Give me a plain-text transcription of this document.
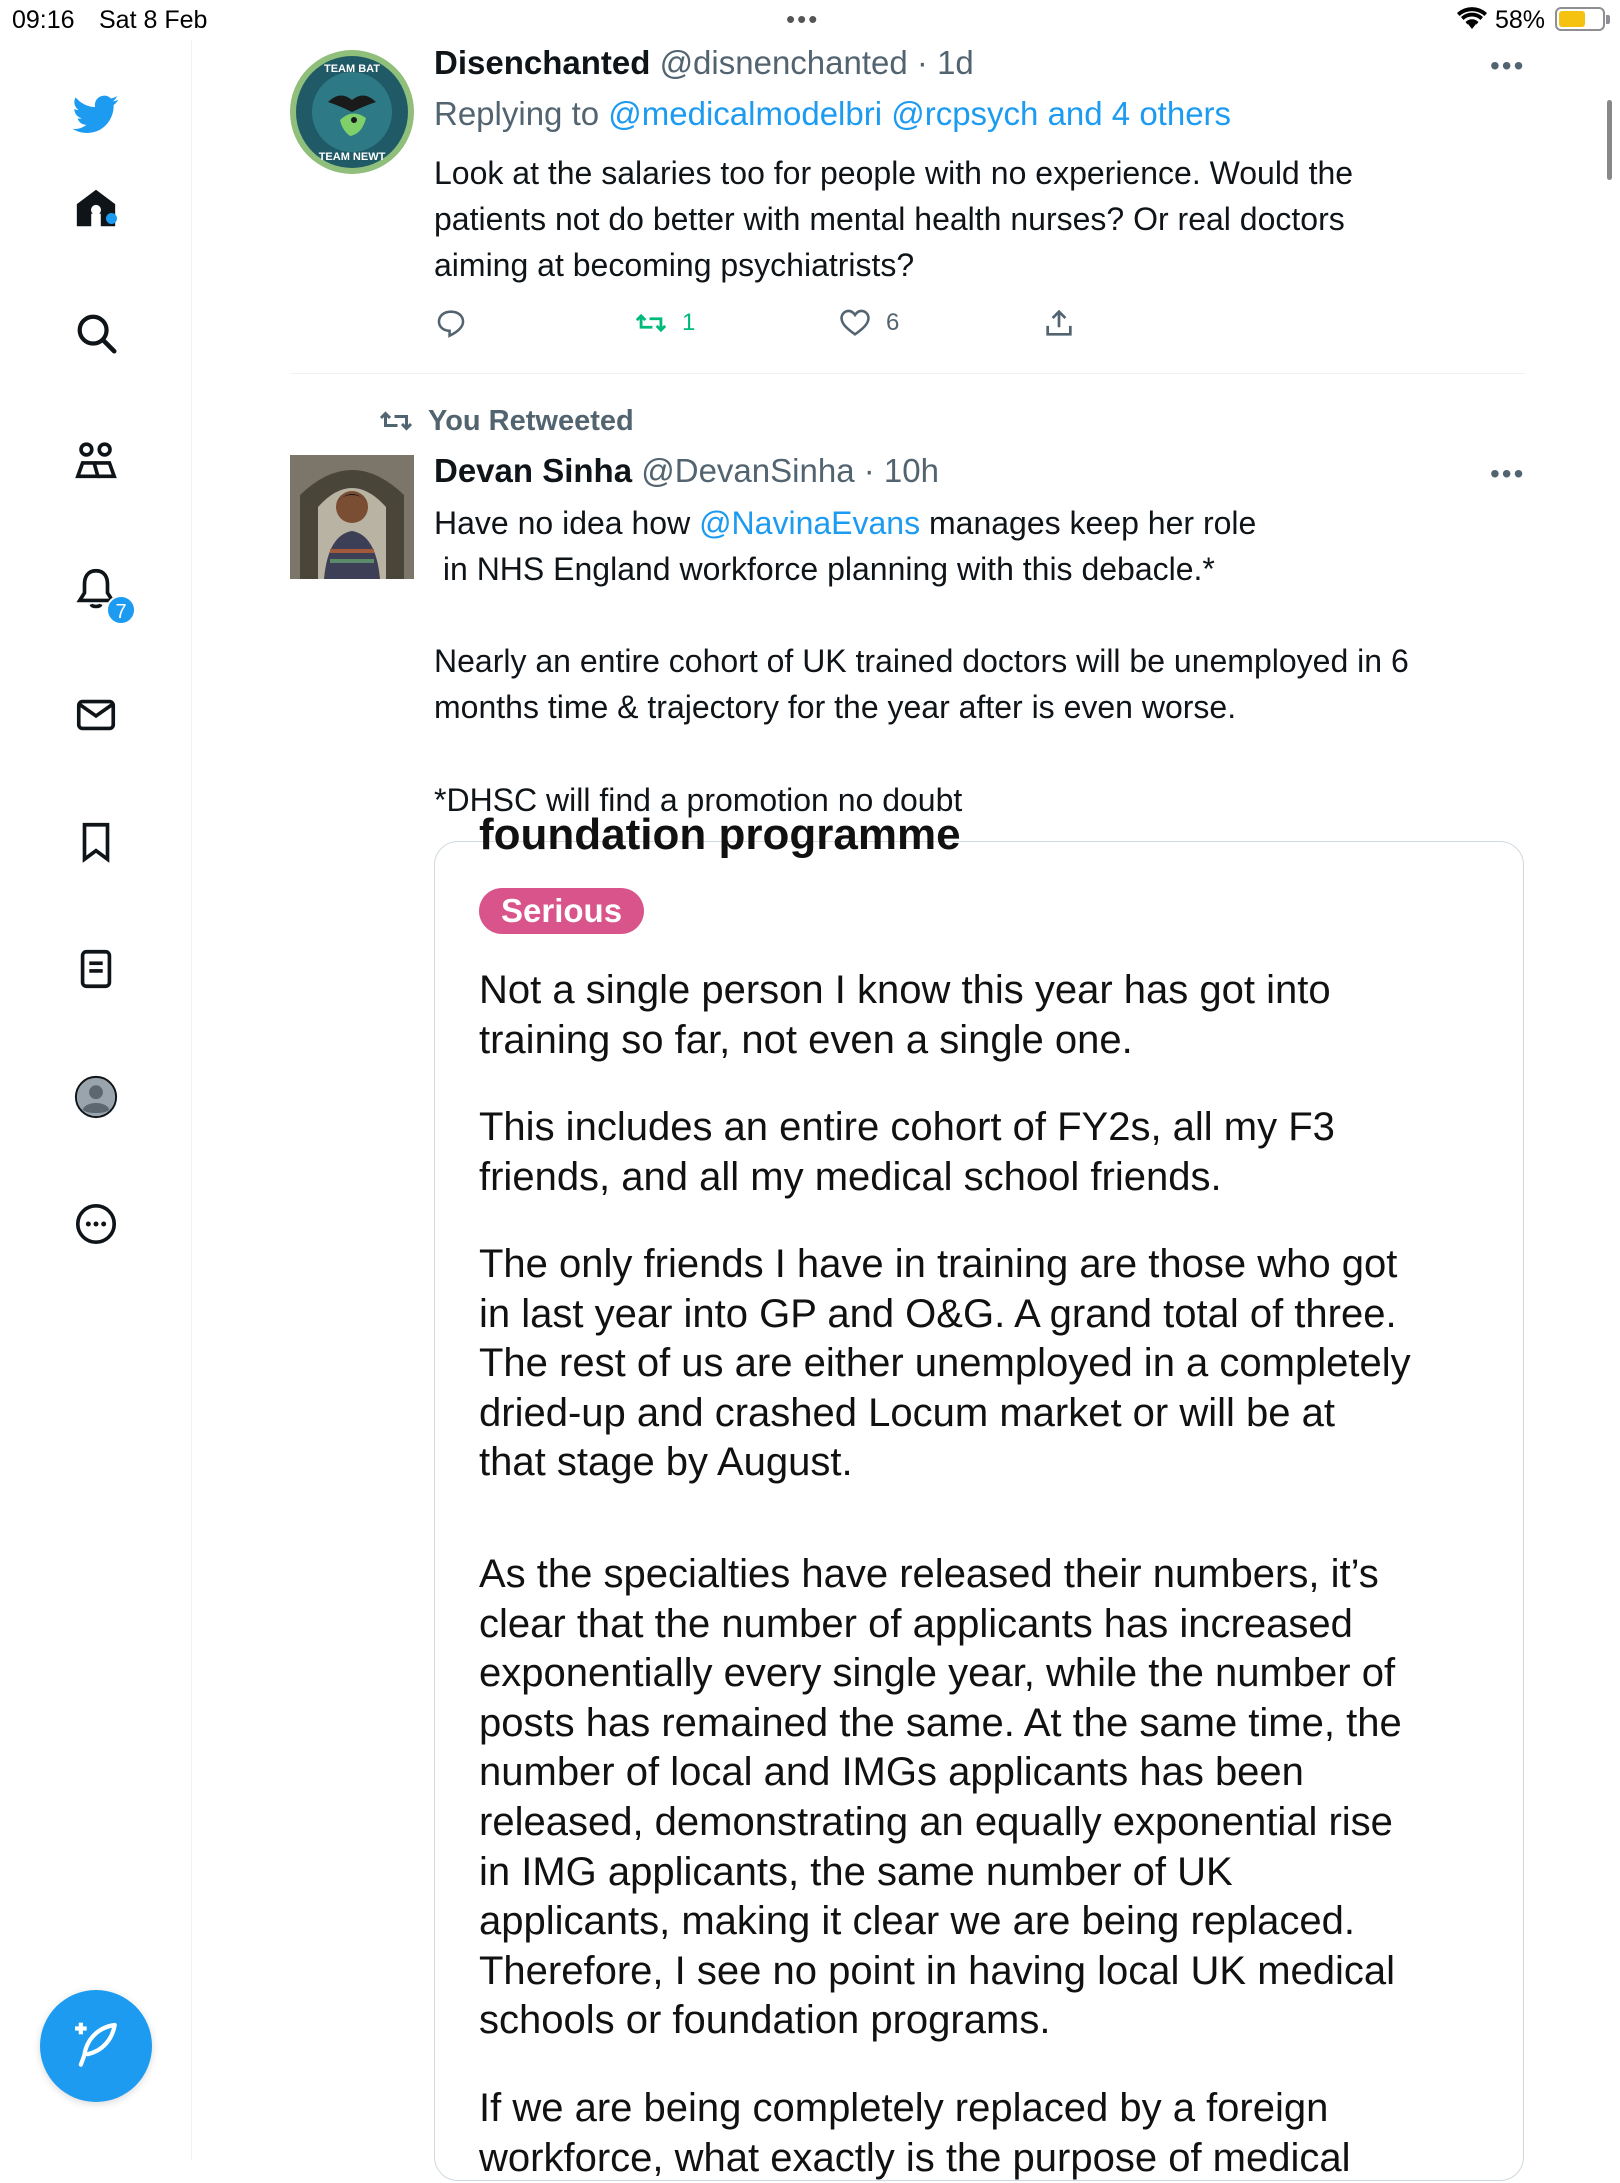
09:16 Sat 8 Feb	•••	58%
7
TEAM BAT
TEAM NEWT
Disenchanted @disnenchanted · 1d	•••
Replying to @medicalmodelbri @rcpsych and 4 others
Look at the salaries too for people with no experience. Would the
patients not do better with mental health nurses? Or real doctors
aiming at becoming psychiatrists?
1	6
You Retweeted
Devan Sinha @DevanSinha · 10h	•••
Have no idea how @NavinaEvans manages keep her role
in NHS England workforce planning with this debacle.*
Nearly an entire cohort of UK trained doctors will be unemployed in 6
months time & trajectory for the year after is even worse.
*DHSC will find a promotion no doubt
foundation programme
Serious
Not a single person I know this year has got into
training so far, not even a single one.
This includes an entire cohort of FY2s, all my F3
friends, and all my medical school friends.
The only friends I have in training are those who got
in last year into GP and O&G. A grand total of three.
The rest of us are either unemployed in a completely
dried-up and crashed Locum market or will be at
that stage by August.
As the specialties have released their numbers, it’s
clear that the number of applicants has increased
exponentially every single year, while the number of
posts has remained the same. At the same time, the
number of local and IMGs applicants has been
released, demonstrating an equally exponential rise
in IMG applicants, the same number of UK
applicants, making it clear we are being replaced.
Therefore, I see no point in having local UK medical
schools or foundation programs.
If we are being completely replaced by a foreign
workforce, what exactly is the purpose of medical
